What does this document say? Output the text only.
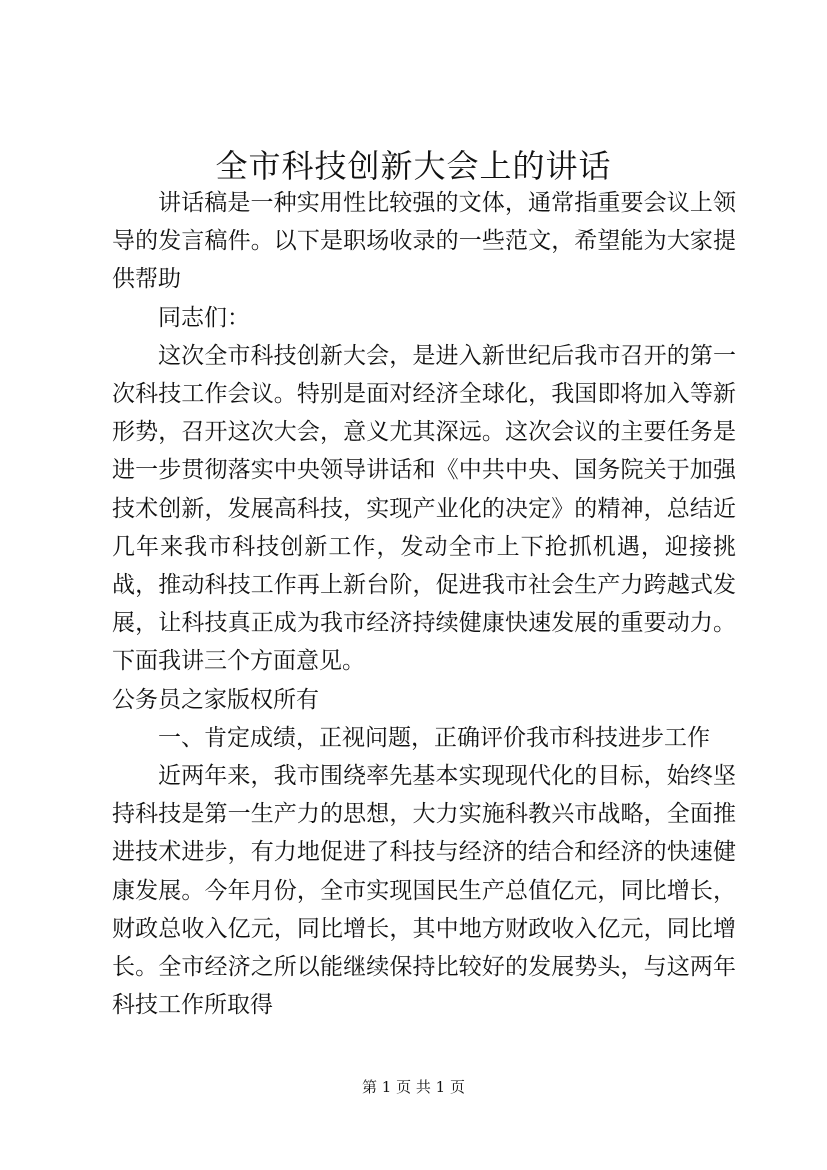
全市科技创新大会上的讲话

讲话稿是一种实用性比较强的文体，通常指重要会议上领导的发言稿件。以下是职场收录的一些范文，希望能为大家提供帮助

同志们：

这次全市科技创新大会，是进入新世纪后我市召开的第一次科技工作会议。特别是面对经济全球化，我国即将加入等新形势，召开这次大会，意义尤其深远。这次会议的主要任务是进一步贯彻落实中央领导讲话和《中共中央、国务院关于加强技术创新，发展高科技，实现产业化的决定》的精神，总结近几年来我市科技创新工作，发动全市上下抢抓机遇，迎接挑战，推动科技工作再上新台阶，促进我市社会生产力跨越式发展，让科技真正成为我市经济持续健康快速发展的重要动力。下面我讲三个方面意见。

公务员之家版权所有

一、肯定成绩，正视问题，正确评价我市科技进步工作

近两年来，我市围绕率先基本实现现代化的目标，始终坚持科技是第一生产力的思想，大力实施科教兴市战略，全面推进技术进步，有力地促进了科技与经济的结合和经济的快速健康发展。今年月份，全市实现国民生产总值亿元，同比增长，财政总收入亿元，同比增长，其中地方财政收入亿元，同比增长。全市经济之所以能继续保持比较好的发展势头，与这两年科技工作所取得

第 1 页 共 1 页
